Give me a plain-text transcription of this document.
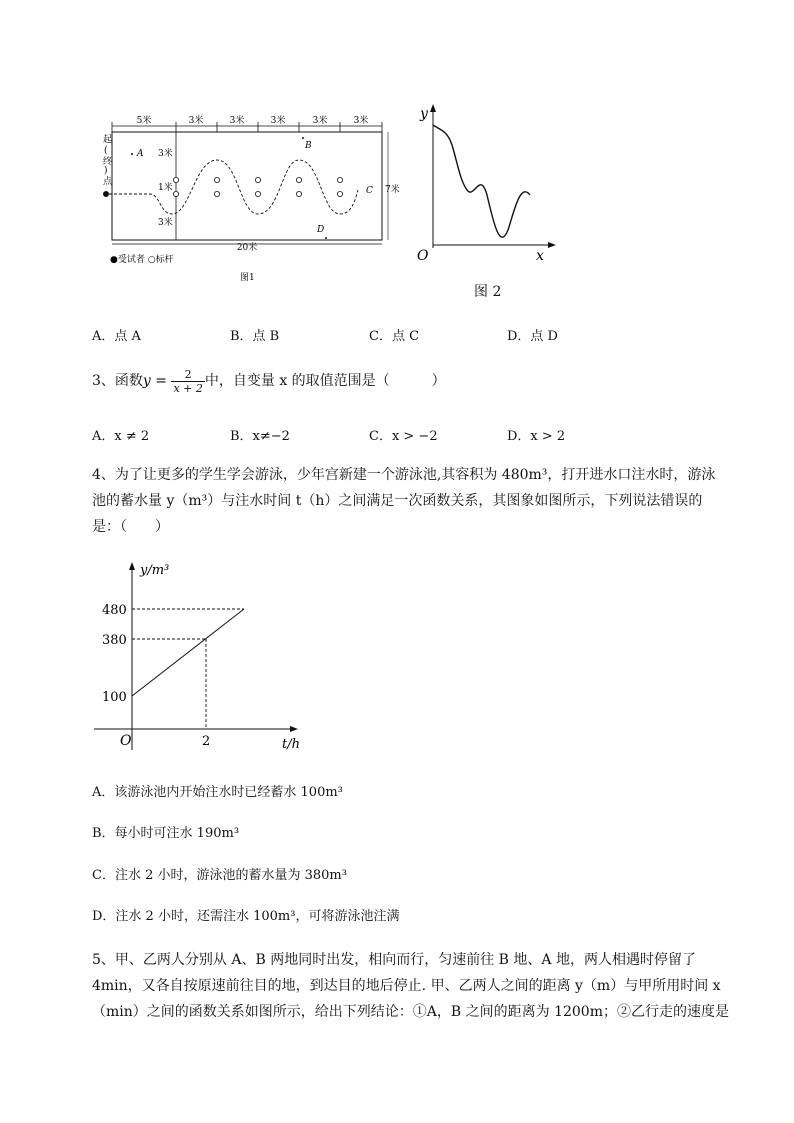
5米	3米	3米	3米	3米	3米
起
(
终
)
点
3米
1米
3米
A
B
C
D
7米
20米
●受试者 ○标杆
图1
y
x
O
图 2
A．点 A	B．点 B	C．点 C	D．点 D
3、函数$y = \frac{2}{x + 2}$ 中，自变量 x 的取值范围是（　　　）
A．x ≠ 2	B．x≠−2	C．x > −2	D．x > 2
4、为了让更多的学生学会游泳，少年宫新建一个游泳池,其容积为 480m³，打开进水口注水时，游泳
池的蓄水量 y（m³）与注水时间 t（h）之间满足一次函数关系，其图象如图所示，下列说法错误的
是：（　　）
y/m³
t/h
O
480
380
100
2
A．该游泳池内开始注水时已经蓄水 100m³
B．每小时可注水 190m³
C．注水 2 小时，游泳池的蓄水量为 380m³
D．注水 2 小时，还需注水 100m³，可将游泳池注满
5、甲、乙两人分别从 A、B 两地同时出发，相向而行，匀速前往 B 地、A 地，两人相遇时停留了
4min，又各自按原速前往目的地，到达目的地后停止. 甲、乙两人之间的距离 y（m）与甲所用时间 x
（min）之间的函数关系如图所示，给出下列结论：①A，B 之间的距离为 1200m；②乙行走的速度是
